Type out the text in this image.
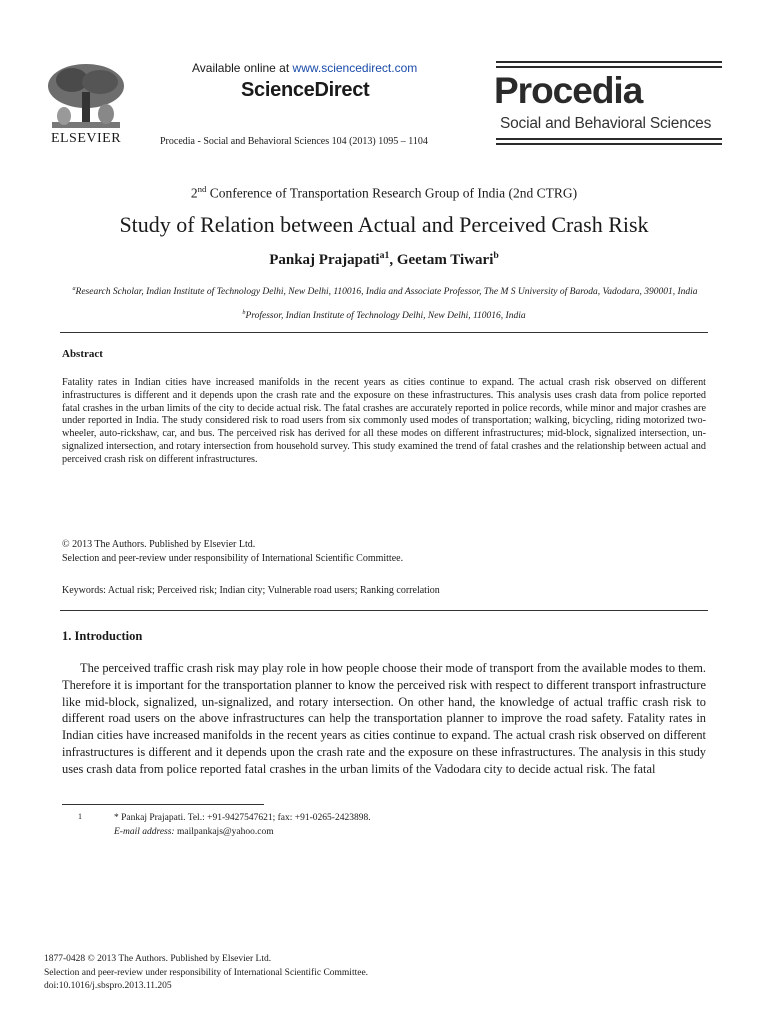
ELSEVIER
Available online at www.sciencedirect.com
ScienceDirect
Procedia - Social and Behavioral Sciences 104 (2013) 1095 – 1104
Procedia
Social and Behavioral Sciences
2nd Conference of Transportation Research Group of India (2nd CTRG)
Study of Relation between Actual and Perceived Crash Risk
Pankaj Prajapati$^{a1}$, Geetam Tiwari$^b$
$^a$Research Scholar, Indian Institute of Technology Delhi, New Delhi, 110016, India and Associate Professor, The M S University of Baroda, Vadodara, 390001, India
$^b$Professor, Indian Institute of Technology Delhi, New Delhi, 110016, India
Abstract
Fatality rates in Indian cities have increased manifolds in the recent years as cities continue to expand. The actual crash risk observed on different infrastructures is different and it depends upon the crash rate and the exposure on these infrastructures. This analysis uses crash data from police reported fatal crashes in the urban limits of the city to decide actual risk. The fatal crashes are accurately reported in police records, while minor and major crashes are under reported in India. The study considered risk to road users from six commonly used modes of transportation; walking, bicycling, riding motorized two-wheeler, auto-rickshaw, car, and bus. The perceived risk has derived for all these modes on different infrastructures; mid-block, signalized intersection, un-signalized intersection, and rotary intersection from household survey. This study examined the trend of fatal crashes and the relationship between actual and perceived crash risk on different infrastructures.
© 2013 The Authors. Published by Elsevier Ltd.
Selection and peer-review under responsibility of International Scientific Committee.
Keywords: Actual risk; Perceived risk; Indian city; Vulnerable road users; Ranking correlation
1. Introduction
The perceived traffic crash risk may play role in how people choose their mode of transport from the available modes to them. Therefore it is important for the transportation planner to know the perceived risk with respect to different transport infrastructure like mid-block, signalized, un-signalized, and rotary intersection. On other hand, the knowledge of actual traffic crash risk to different road users on the above infrastructures can help the transportation planner to improve the road safety. Fatality rates in Indian cities have increased manifolds in the recent years as cities continue to expand. The actual crash risk observed on different infrastructures is different and it depends upon the crash rate and the exposure on these infrastructures. The analysis in this study uses crash data from police reported fatal crashes in the urban limits of the Vadodara city to decide actual risk. The fatal
1	* Pankaj Prajapati. Tel.: +91-9427547621; fax: +91-0265-2423898.
E-mail address: mailpankajs@yahoo.com
1877-0428 © 2013 The Authors. Published by Elsevier Ltd.
Selection and peer-review under responsibility of International Scientific Committee.
doi:10.1016/j.sbspro.2013.11.205
